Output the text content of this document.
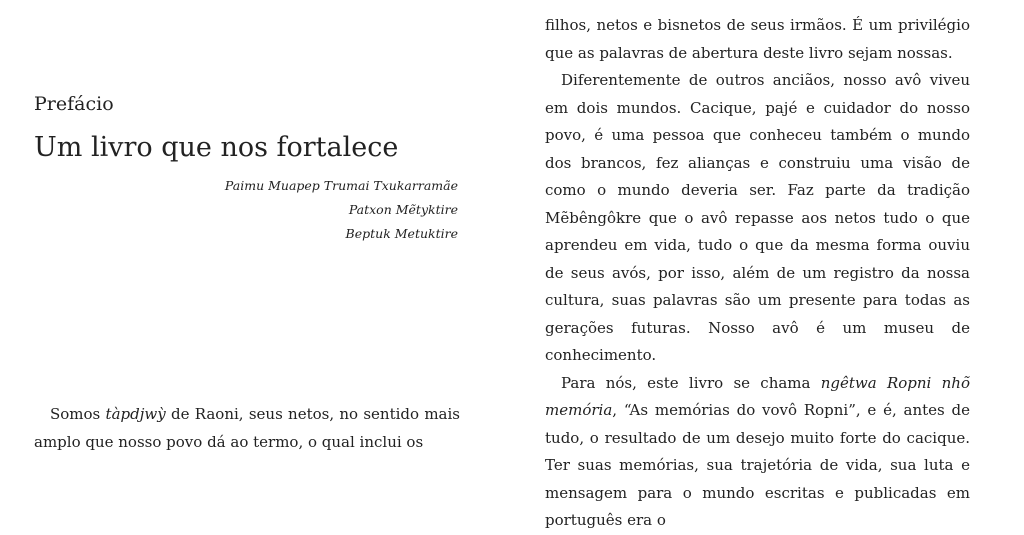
Prefácio
Um livro que nos fortalece
Paimu Muapep Trumai Txukarramãe
Patxon Mẽtyktire
Beptuk Metuktire

Somos tàpdjwỳ de Raoni, seus netos, no sentido mais amplo que nosso povo dá ao termo, o qual inclui os

filhos, netos e bisnetos de seus irmãos. É um privilégio que as palavras de abertura deste livro sejam nossas.

Diferentemente de outros anciãos, nosso avô viveu em dois mundos. Cacique, pajé e cuidador do nosso povo, é uma pessoa que conheceu também o mundo dos brancos, fez alianças e construiu uma visão de como o mundo deveria ser. Faz parte da tradição Mẽbêngôkre que o avô repasse aos netos tudo o que aprendeu em vida, tudo o que da mesma forma ouviu de seus avós, por isso, além de um registro da nossa cultura, suas palavras são um presente para todas as gerações futuras. Nosso avô é um museu de conhecimento.

Para nós, este livro se chama ngêtwa Ropni nhõ memória, “As memórias do vovô Ropni”, e é, antes de tudo, o resultado de um desejo muito forte do cacique. Ter suas memórias, sua trajetória de vida, sua luta e mensagem para o mundo escritas e publicadas em português era o
